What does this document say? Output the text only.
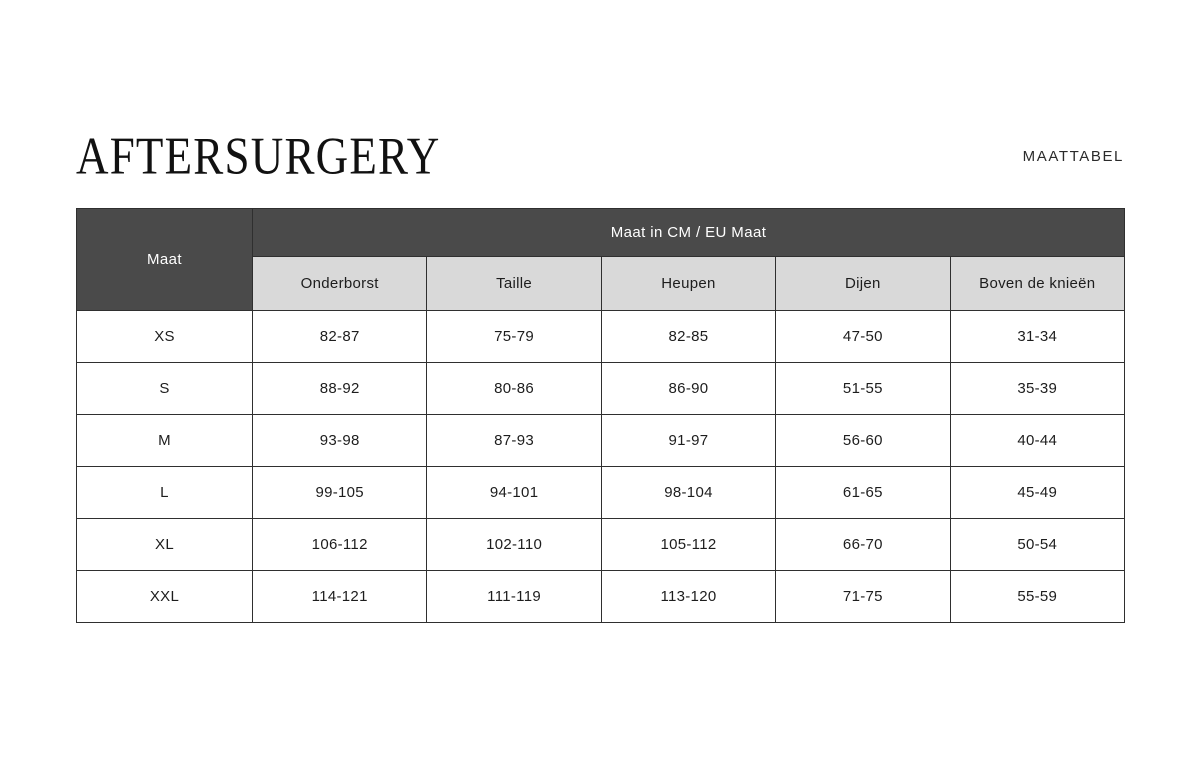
AFTERSURGERY	MAATTABEL
Maat	Maat in CM / EU Maat				
	Onderborst	Taille	Heupen	Dijen	Boven de knieën
XS	82-87	75-79	82-85	47-50	31-34
S	88-92	80-86	86-90	51-55	35-39
M	93-98	87-93	91-97	56-60	40-44
L	99-105	94-101	98-104	61-65	45-49
XL	106-112	102-110	105-112	66-70	50-54
XXL	114-121	111-119	113-120	71-75	55-59
